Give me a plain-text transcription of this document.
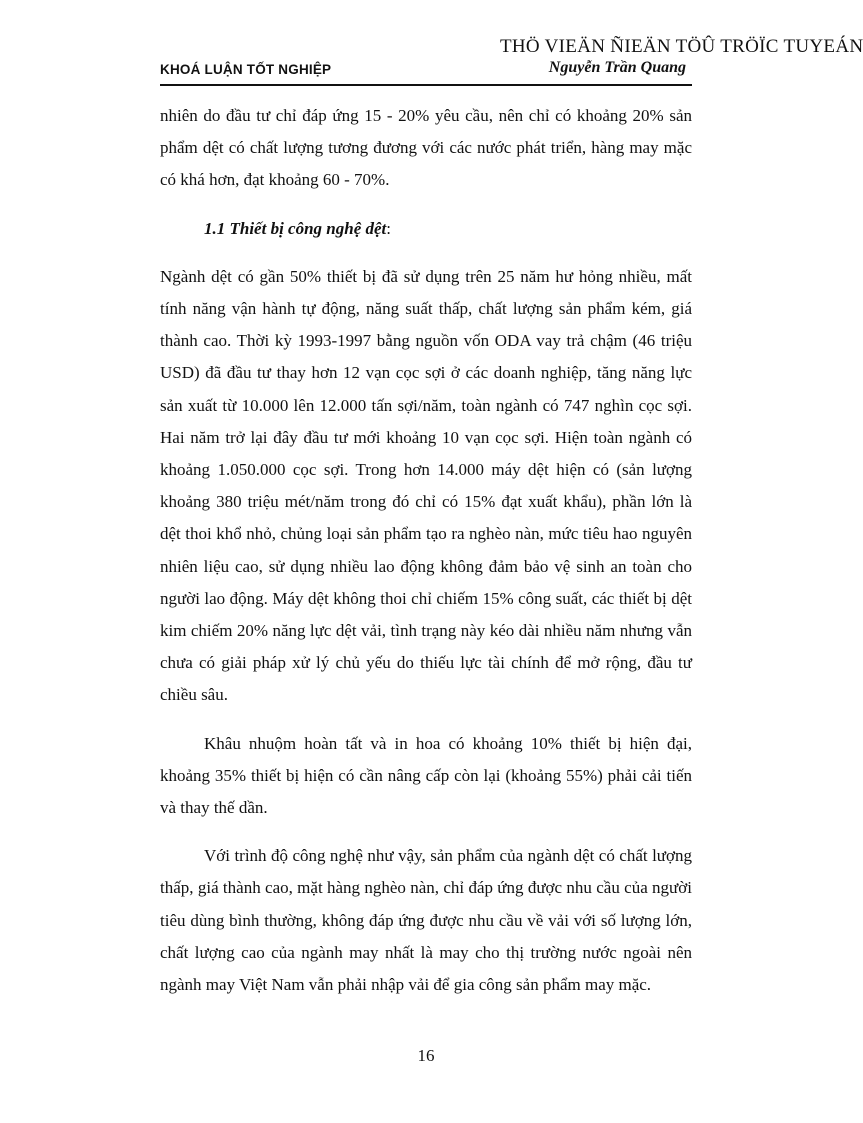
THÖ VIEÄN ÑIEÄN TÖÛ TRÖÏC TUYEÁN
KHOÁ LUẬN TỐT NGHIỆP	Nguyễn Trần Quang

nhiên do đầu tư chỉ đáp ứng 15 - 20% yêu cầu, nên chỉ có khoảng 20% sản phẩm dệt có chất lượng tương đương với các nước phát triển, hàng may mặc có khá hơn, đạt khoảng 60 - 70%.

1.1 Thiết bị công nghệ dệt:

Ngành dệt có gần 50% thiết bị đã sử dụng trên 25 năm hư hỏng nhiều, mất tính năng vận hành tự động, năng suất thấp, chất lượng sản phẩm kém, giá thành cao. Thời kỳ 1993-1997 bằng nguồn vốn ODA vay trả chậm (46 triệu USD) đã đầu tư thay hơn 12 vạn cọc sợi ở các doanh nghiệp, tăng năng lực sản xuất từ 10.000 lên 12.000 tấn sợi/năm, toàn ngành có 747 nghìn cọc sợi. Hai năm trở lại đây đầu tư mới khoảng 10 vạn cọc sợi. Hiện toàn ngành có khoảng 1.050.000 cọc sợi. Trong hơn 14.000 máy dệt hiện có (sản lượng khoảng 380 triệu mét/năm trong đó chỉ có 15% đạt xuất khẩu), phần lớn là dệt thoi khổ nhỏ, chủng loại sản phẩm tạo ra nghèo nàn, mức tiêu hao nguyên nhiên liệu cao, sử dụng nhiều lao động không đảm bảo vệ sinh an toàn cho người lao động. Máy dệt không thoi chỉ chiếm 15% công suất, các thiết bị dệt kim chiếm 20% năng lực dệt vải, tình trạng này kéo dài nhiều năm nhưng vẫn chưa có giải pháp xử lý chủ yếu do thiếu lực tài chính để mở rộng, đầu tư chiều sâu.

Khâu nhuộm hoàn tất và in hoa có khoảng 10% thiết bị hiện đại, khoảng 35% thiết bị hiện có cần nâng cấp còn lại (khoảng 55%) phải cải tiến và thay thế dần.

Với trình độ công nghệ như vậy, sản phẩm của ngành dệt có chất lượng thấp, giá thành cao, mặt hàng nghèo nàn, chỉ đáp ứng được nhu cầu của người tiêu dùng bình thường, không đáp ứng được nhu cầu về vải với số lượng lớn, chất lượng cao của ngành may nhất là may cho thị trường nước ngoài nên ngành may Việt Nam vẫn phải nhập vải để gia công sản phẩm may mặc.

16
